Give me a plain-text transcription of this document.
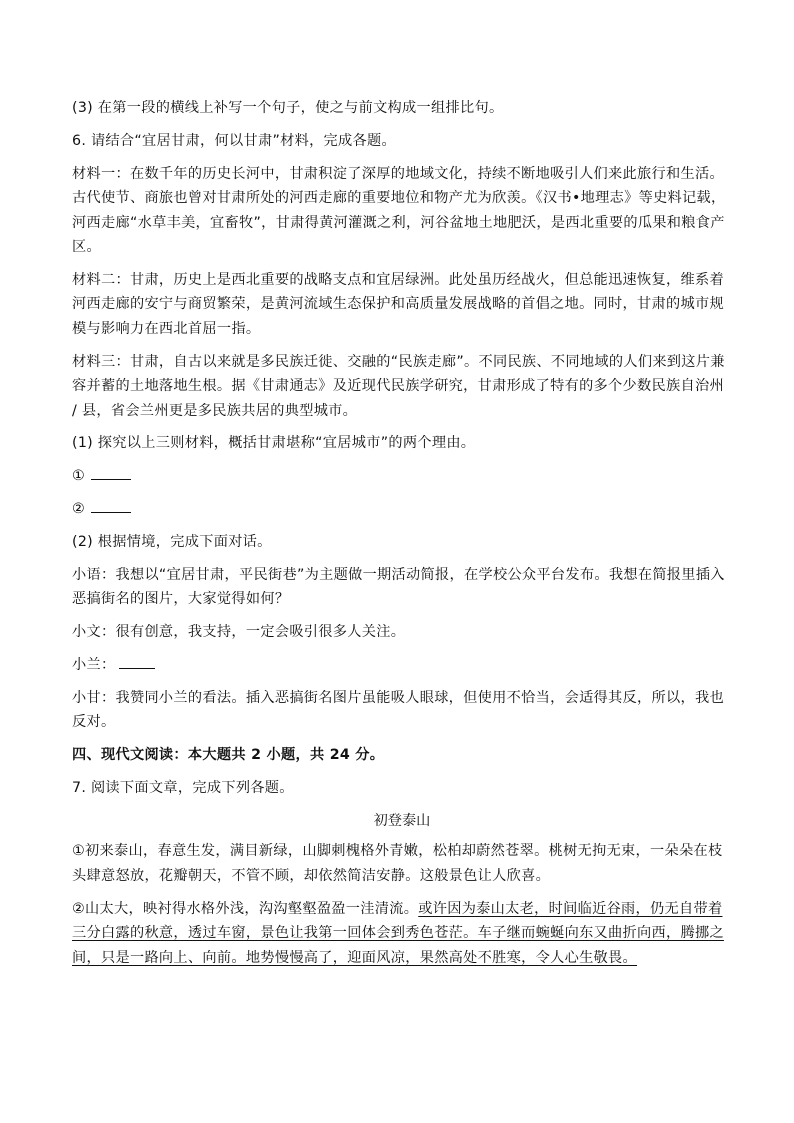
(3) 在第一段的横线上补写一个句子，使之与前文构成一组排比句。

6. 请结合“宜居甘肃，何以甘肃”材料，完成各题。

材料一：在数千年的历史长河中，甘肃积淀了深厚的地域文化，持续不断地吸引人们来此旅行和生活。古代使节、商旅也曾对甘肃所处的河西走廊的重要地位和物产尤为欣羡。《汉书•地理志》等史料记载，河西走廊“水草丰美，宜畜牧”，甘肃得黄河灌溉之利，河谷盆地土地肥沃，是西北重要的瓜果和粮食产区。

材料二：甘肃，历史上是西北重要的战略支点和宜居绿洲。此处虽历经战火，但总能迅速恢复，维系着河西走廊的安宁与商贸繁荣，是黄河流域生态保护和高质量发展战略的首倡之地。同时，甘肃的城市规模与影响力在西北首屈一指。

材料三：甘肃，自古以来就是多民族迁徙、交融的“民族走廊”。不同民族、不同地域的人们来到这片兼容并蓄的土地落地生根。据《甘肃通志》及近现代民族学研究，甘肃形成了特有的多个少数民族自治州 / 县，省会兰州更是多民族共居的典型城市。

(1) 探究以上三则材料，概括甘肃堪称“宜居城市”的两个理由。

①

②

(2) 根据情境，完成下面对话。

小语：我想以“宜居甘肃，平民街巷”为主题做一期活动简报，在学校公众平台发布。我想在简报里插入恶搞街名的图片，大家觉得如何？

小文：很有创意，我支持，一定会吸引很多人关注。

小兰：

小甘：我赞同小兰的看法。插入恶搞街名图片虽能吸人眼球，但使用不恰当，会适得其反，所以，我也反对。

四、现代文阅读：本大题共 2 小题，共 24 分。

7. 阅读下面文章，完成下列各题。

初登泰山

①初来泰山，春意生发，满目新绿，山脚刺槐格外青嫩，松柏却蔚然苍翠。桃树无拘无束，一朵朵在枝头肆意怒放，花瓣朝天，不管不顾，却依然简洁安静。这般景色让人欣喜。

②山太大，映衬得水格外浅，沟沟壑壑盈盈一洼清流。或许因为泰山太老，时间临近谷雨，仍无自带着三分白露的秋意，透过车窗，景色让我第一回体会到秀色苍茫。车子继而蜿蜒向东又曲折向西，腾挪之间，只是一路向上、向前。地势慢慢高了，迎面风凉，果然高处不胜寒，令人心生敬畏。
